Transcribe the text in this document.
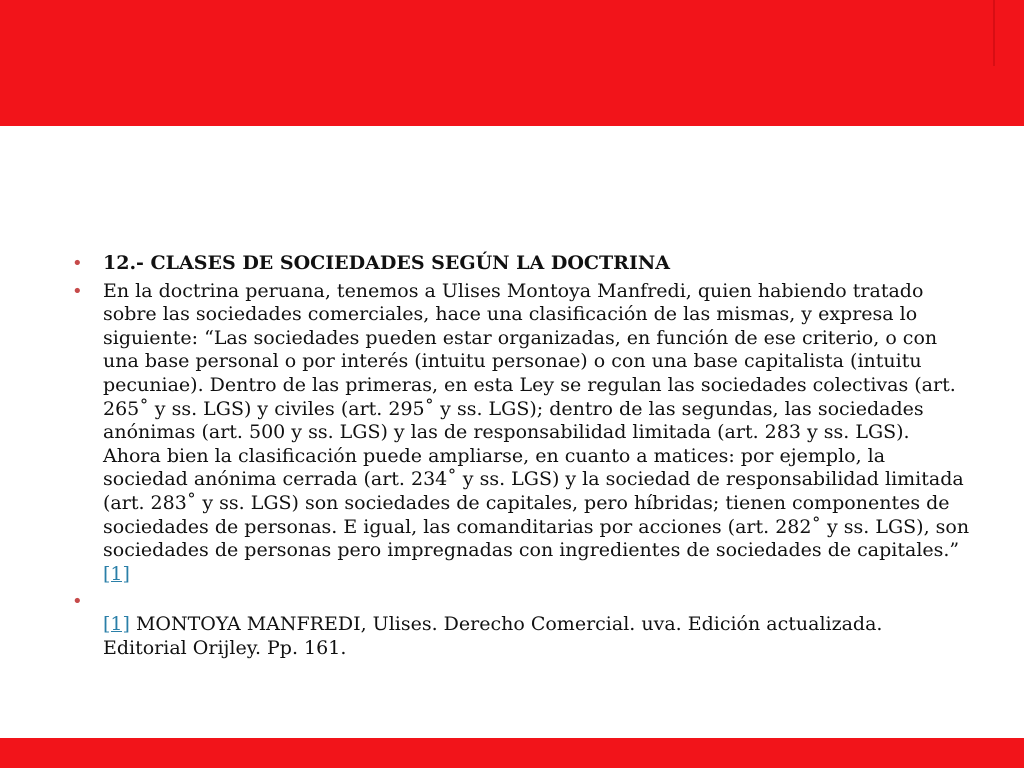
• 12.- CLASES DE SOCIEDADES SEGÚN LA DOCTRINA
• En la doctrina peruana, tenemos a Ulises Montoya Manfredi, quien habiendo tratado sobre las sociedades comerciales, hace una clasificación de las mismas, y expresa lo siguiente: “Las sociedades pueden estar organizadas, en función de ese criterio, o con una base personal o por interés (intuitu personae) o con una base capitalista (intuitu pecuniae). Dentro de las primeras, en esta Ley se regulan las sociedades colectivas (art. 265˚ y ss. LGS) y civiles (art. 295˚ y ss. LGS); dentro de las segundas, las sociedades anónimas (art. 500 y ss. LGS) y las de responsabilidad limitada (art. 283 y ss. LGS). Ahora bien la clasificación puede ampliarse, en cuanto a matices: por ejemplo, la sociedad anónima cerrada (art. 234˚ y ss. LGS) y la sociedad de responsabilidad limitada (art. 283˚ y ss. LGS) son sociedades de capitales, pero híbridas; tienen componentes de sociedades de personas. E igual, las comanditarias por acciones (art. 282˚ y ss. LGS), son sociedades de personas pero impregnadas con ingredientes de sociedades de capitales.” [1]
•
[1] MONTOYA MANFREDI, Ulises. Derecho Comercial. uva. Edición actualizada. Editorial Orijley. Pp. 161.
